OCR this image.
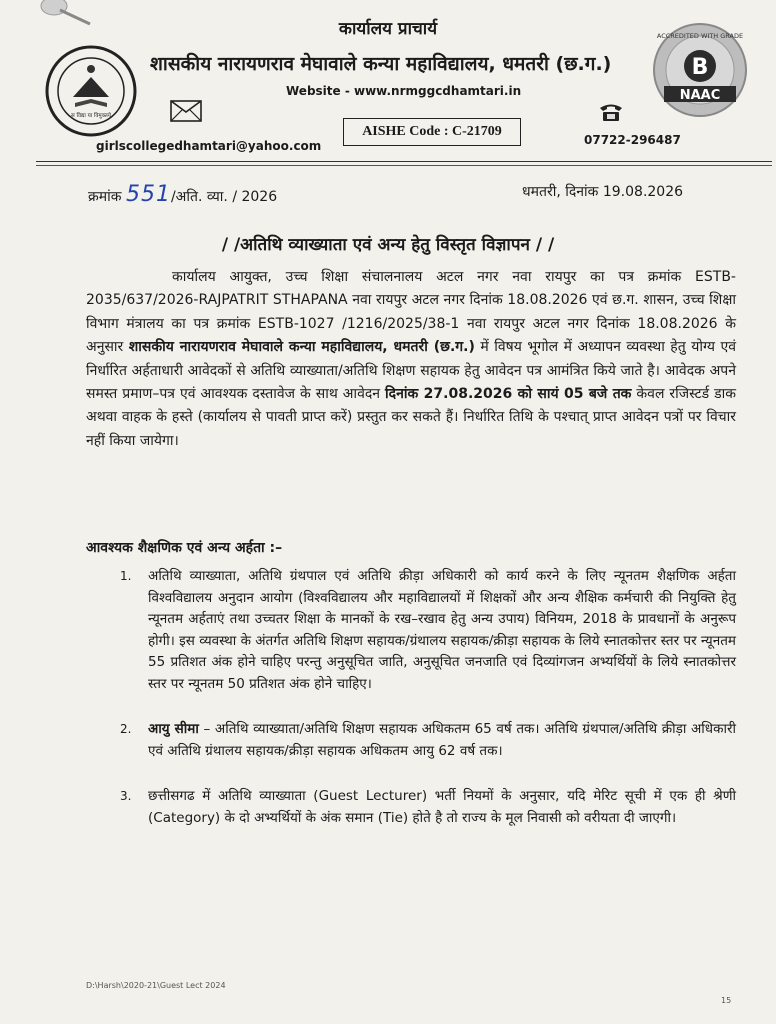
स विद्या या विमुक्तये
कार्यालय प्राचार्य
शासकीय नारायणराव मेघावाले कन्या महाविद्यालय, धमतरी (छ.ग.)
Website - www.nrmggcdhamtari.in
girlscollegedhamtari@yahoo.com
AISHE Code : C-21709
07722-296487
ACCREDITED WITH GRADE
B
NAAC
क्रमांक 551/अति. व्या. / 2026	धमतरी, दिनांक 19.08.2026
/ /अतिथि व्याख्याता एवं अन्य हेतु विस्तृत विज्ञापन / /

कार्यालय आयुक्त, उच्च शिक्षा संचालनालय अटल नगर नवा रायपुर का पत्र क्रमांक ESTB-2035/637/2026-RAJPATRIT STHAPANA नवा रायपुर अटल नगर दिनांक 18.08.2026 एवं छ.ग. शासन, उच्च शिक्षा विभाग मंत्रालय का पत्र क्रमांक ESTB-1027 /1216/2025/38-1 नवा रायपुर अटल नगर दिनांक 18.08.2026 के अनुसार शासकीय नारायणराव मेघावाले कन्या महाविद्यालय, धमतरी (छ.ग.) में विषय भूगोल में अध्यापन व्यवस्था हेतु योग्य एवं निर्धारित अर्हताधारी आवेदकों से अतिथि व्याख्याता/अतिथि शिक्षण सहायक हेतु आवेदन पत्र आमंत्रित किये जाते है। आवेदक अपने समस्त प्रमाण–पत्र एवं आवश्यक दस्तावेज के साथ आवेदन दिनांक 27.08.2026 को सायं 05 बजे तक केवल रजिस्टर्ड डाक अथवा वाहक के हस्ते (कार्यालय से पावती प्राप्त करें) प्रस्तुत कर सकते हैं। निर्धारित तिथि के पश्चात् प्राप्त आवेदन पत्रों पर विचार नहीं किया जायेगा।

आवश्यक शैक्षणिक एवं अन्य अर्हता :–
1. अतिथि व्याख्याता, अतिथि ग्रंथपाल एवं अतिथि क्रीड़ा अधिकारी को कार्य करने के लिए न्यूनतम शैक्षणिक अर्हता विश्वविद्यालय अनुदान आयोग (विश्वविद्यालय और महाविद्यालयों में शिक्षकों और अन्य शैक्षिक कर्मचारी की नियुक्ति हेतु न्यूनतम अर्हताएं तथा उच्चतर शिक्षा के मानकों के रख–रखाव हेतु अन्य उपाय) विनियम, 2018 के प्रावधानों के अनुरूप होगी। इस व्यवस्था के अंतर्गत अतिथि शिक्षण सहायक/ग्रंथालय सहायक/क्रीड़ा सहायक के लिये स्नातकोत्तर स्तर पर न्यूनतम 55 प्रतिशत अंक होने चाहिए परन्तु अनुसूचित जाति, अनुसूचित जनजाति एवं दिव्यांगजन अभ्यर्थियों के लिये स्नातकोत्तर स्तर पर न्यूनतम 50 प्रतिशत अंक होने चाहिए।
2. आयु सीमा – अतिथि व्याख्याता/अतिथि शिक्षण सहायक अधिकतम 65 वर्ष तक। अतिथि ग्रंथपाल/अतिथि क्रीड़ा अधिकारी एवं अतिथि ग्रंथालय सहायक/क्रीड़ा सहायक अधिकतम आयु 62 वर्ष तक।
3. छत्तीसगढ में अतिथि व्याख्याता (Guest Lecturer) भर्ती नियमों के अनुसार, यदि मेरिट सूची में एक ही श्रेणी (Category) के दो अभ्यर्थियों के अंक समान (Tie) होते है तो राज्य के मूल निवासी को वरीयता दी जाएगी।
D:\Harsh\2020-21\Guest Lect 2024
15
